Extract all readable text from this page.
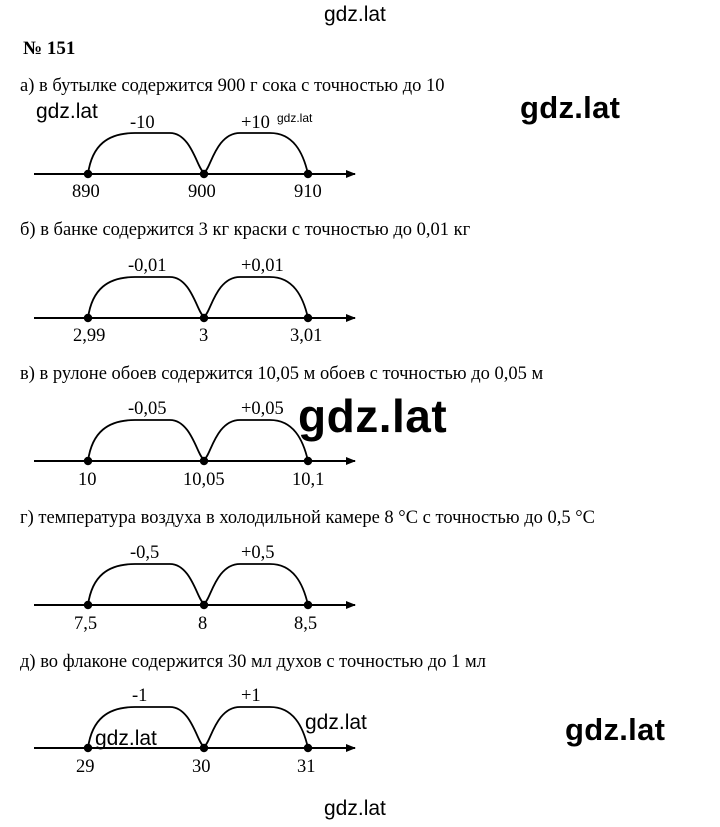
gdz.lat
gdz.lat	gdz.lat	gdz.lat
gdz.lat
gdz.lat
gdz.lat	gdz.lat
gdz.lat
№ 151
а) в бутылке содержится 900 г сока с точностью до 10
б) в банке содержится 3 кг краски с точностью до 0,01 кг
в) в рулоне обоев содержится 10,05 м обоев с точностью до 0,05 м
г) температура воздуха в холодильной камере 8 °С с точностью до 0,5 °С
д) во флаконе содержится 30 мл духов с точностью до 1 мл
-10	+10
890	900	910
-0,01	+0,01
2,99	3	3,01
-0,05	+0,05
10	10,05	10,1
-0,5	+0,5
7,5	8	8,5
-1	+1
29	30	31
